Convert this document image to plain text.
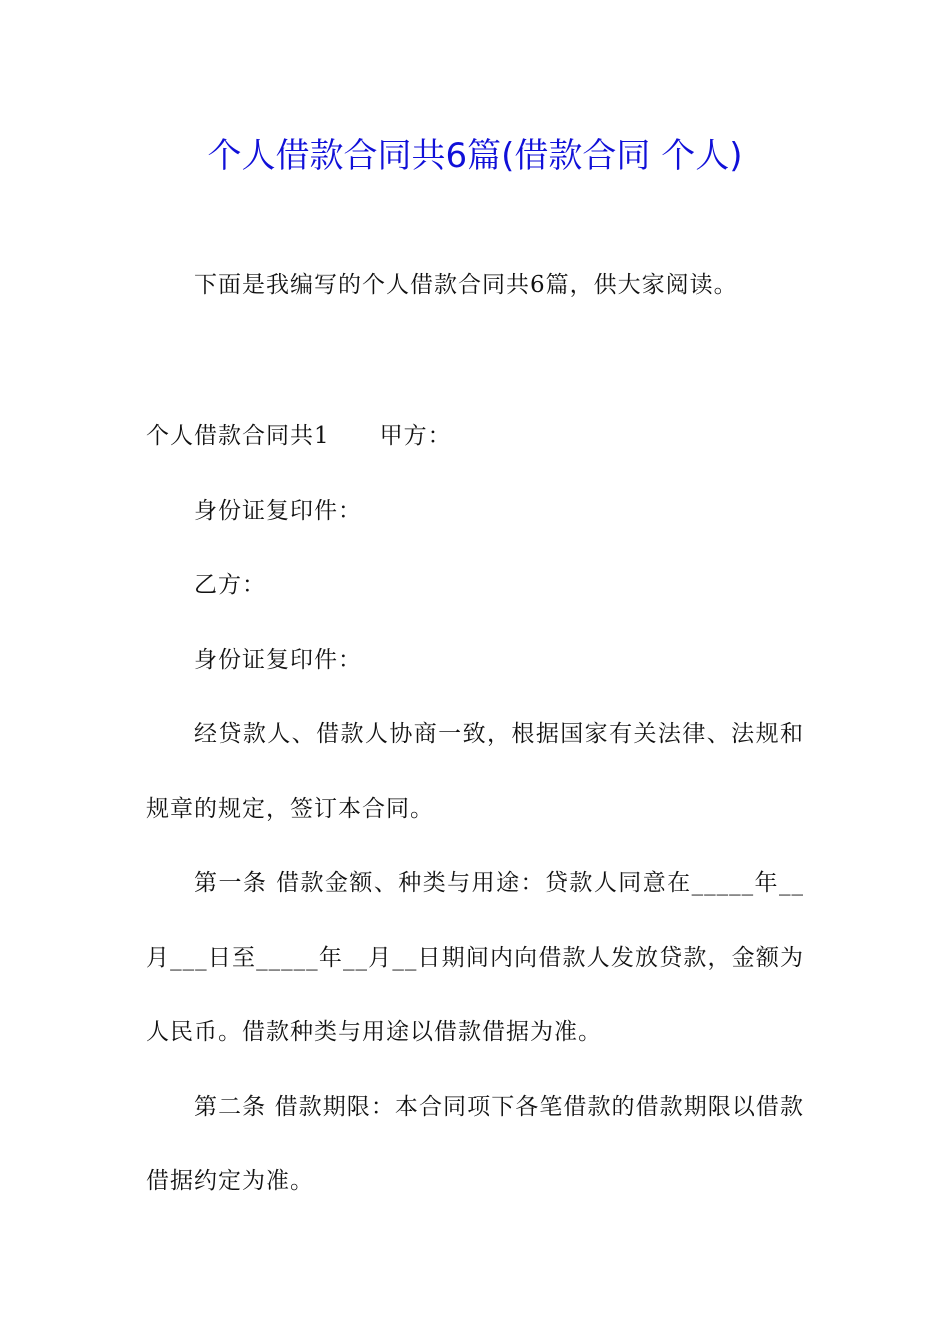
个人借款合同共6篇(借款合同 个人)
下面是我编写的个人借款合同共6篇，供大家阅读。
个人借款合同共1 甲方：
身份证复印件：
乙方：
身份证复印件：
经贷款人、借款人协商一致，根据国家有关法律、法规和
规章的规定，签订本合同。
第一条 借款金额、种类与用途：贷款人同意在_____年__
月___日至_____年__月__日期间内向借款人发放贷款，金额为
人民币。借款种类与用途以借款借据为准。
第二条 借款期限：本合同项下各笔借款的借款期限以借款
借据约定为准。
